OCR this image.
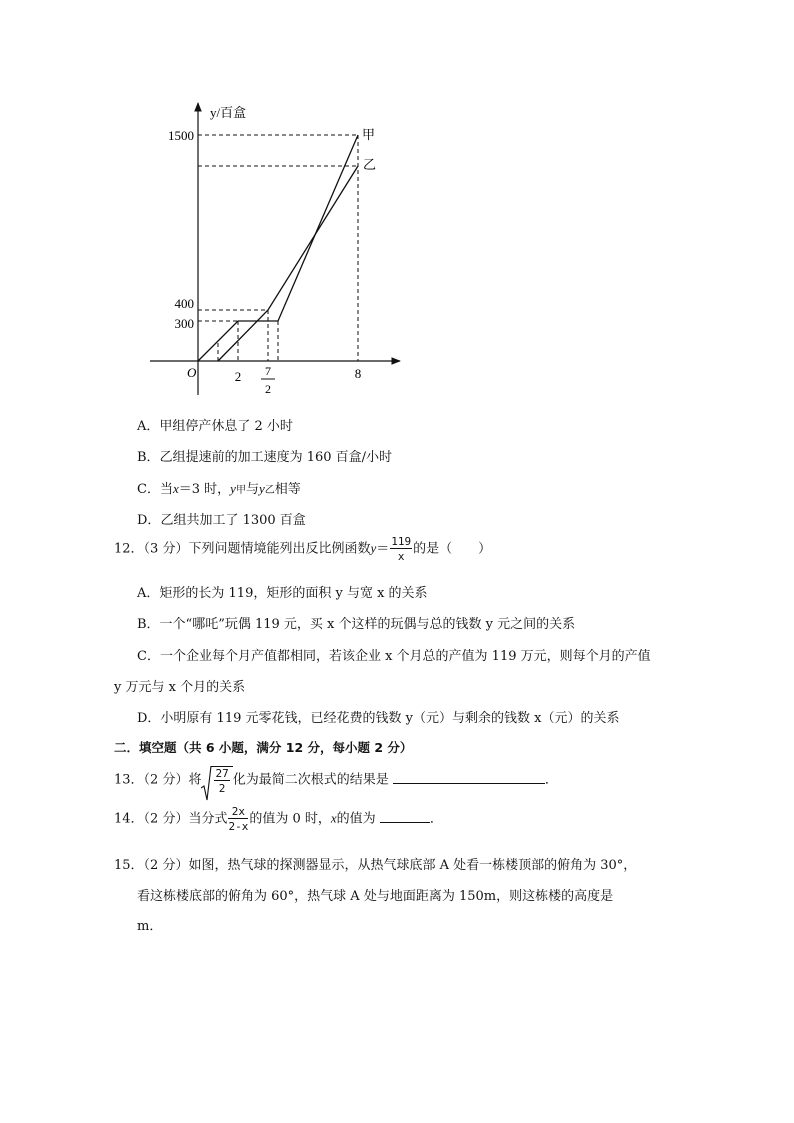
y/百盒
1500
400
300
O	2 7
2
8
甲
乙
A．甲组停产休息了 2 小时
B．乙组提速前的加工速度为 160 百盒/小时
C．当x＝3 时，y甲与y乙相等
D．乙组共加工了 1300 百盒
12．（3 分）下列问题情境能列出反比例函数$y= \frac{119}{x}$ 的是（　　）
A．矩形的长为 119，矩形的面积 y 与宽 x 的关系
B．一个“哪吒”玩偶 119 元，买 x 个这样的玩偶与总的钱数 y 元之间的关系
C．一个企业每个月产值都相同，若该企业 x 个月总的产值为 119 万元，则每个月的产值
y 万元与 x 个月的关系
D．小明原有 119 元零花钱，已经花费的钱数 y（元）与剩余的钱数 x（元）的关系
二．填空题（共 6 小题，满分 12 分，每小题 2 分）
13．（2 分）将 $\frac{27}{2}$ 化为最简二次根式的结果是	．
14．（2 分）当分式 $\frac{2x}{2-x}$ 的值为 0 时，x的值为	．
15．（2 分）如图，热气球的探测器显示，从热气球底部 A 处看一栋楼顶部的俯角为 30°，
看这栋楼底部的俯角为 60°，热气球 A 处与地面距离为 150m，则这栋楼的高度是
m．
